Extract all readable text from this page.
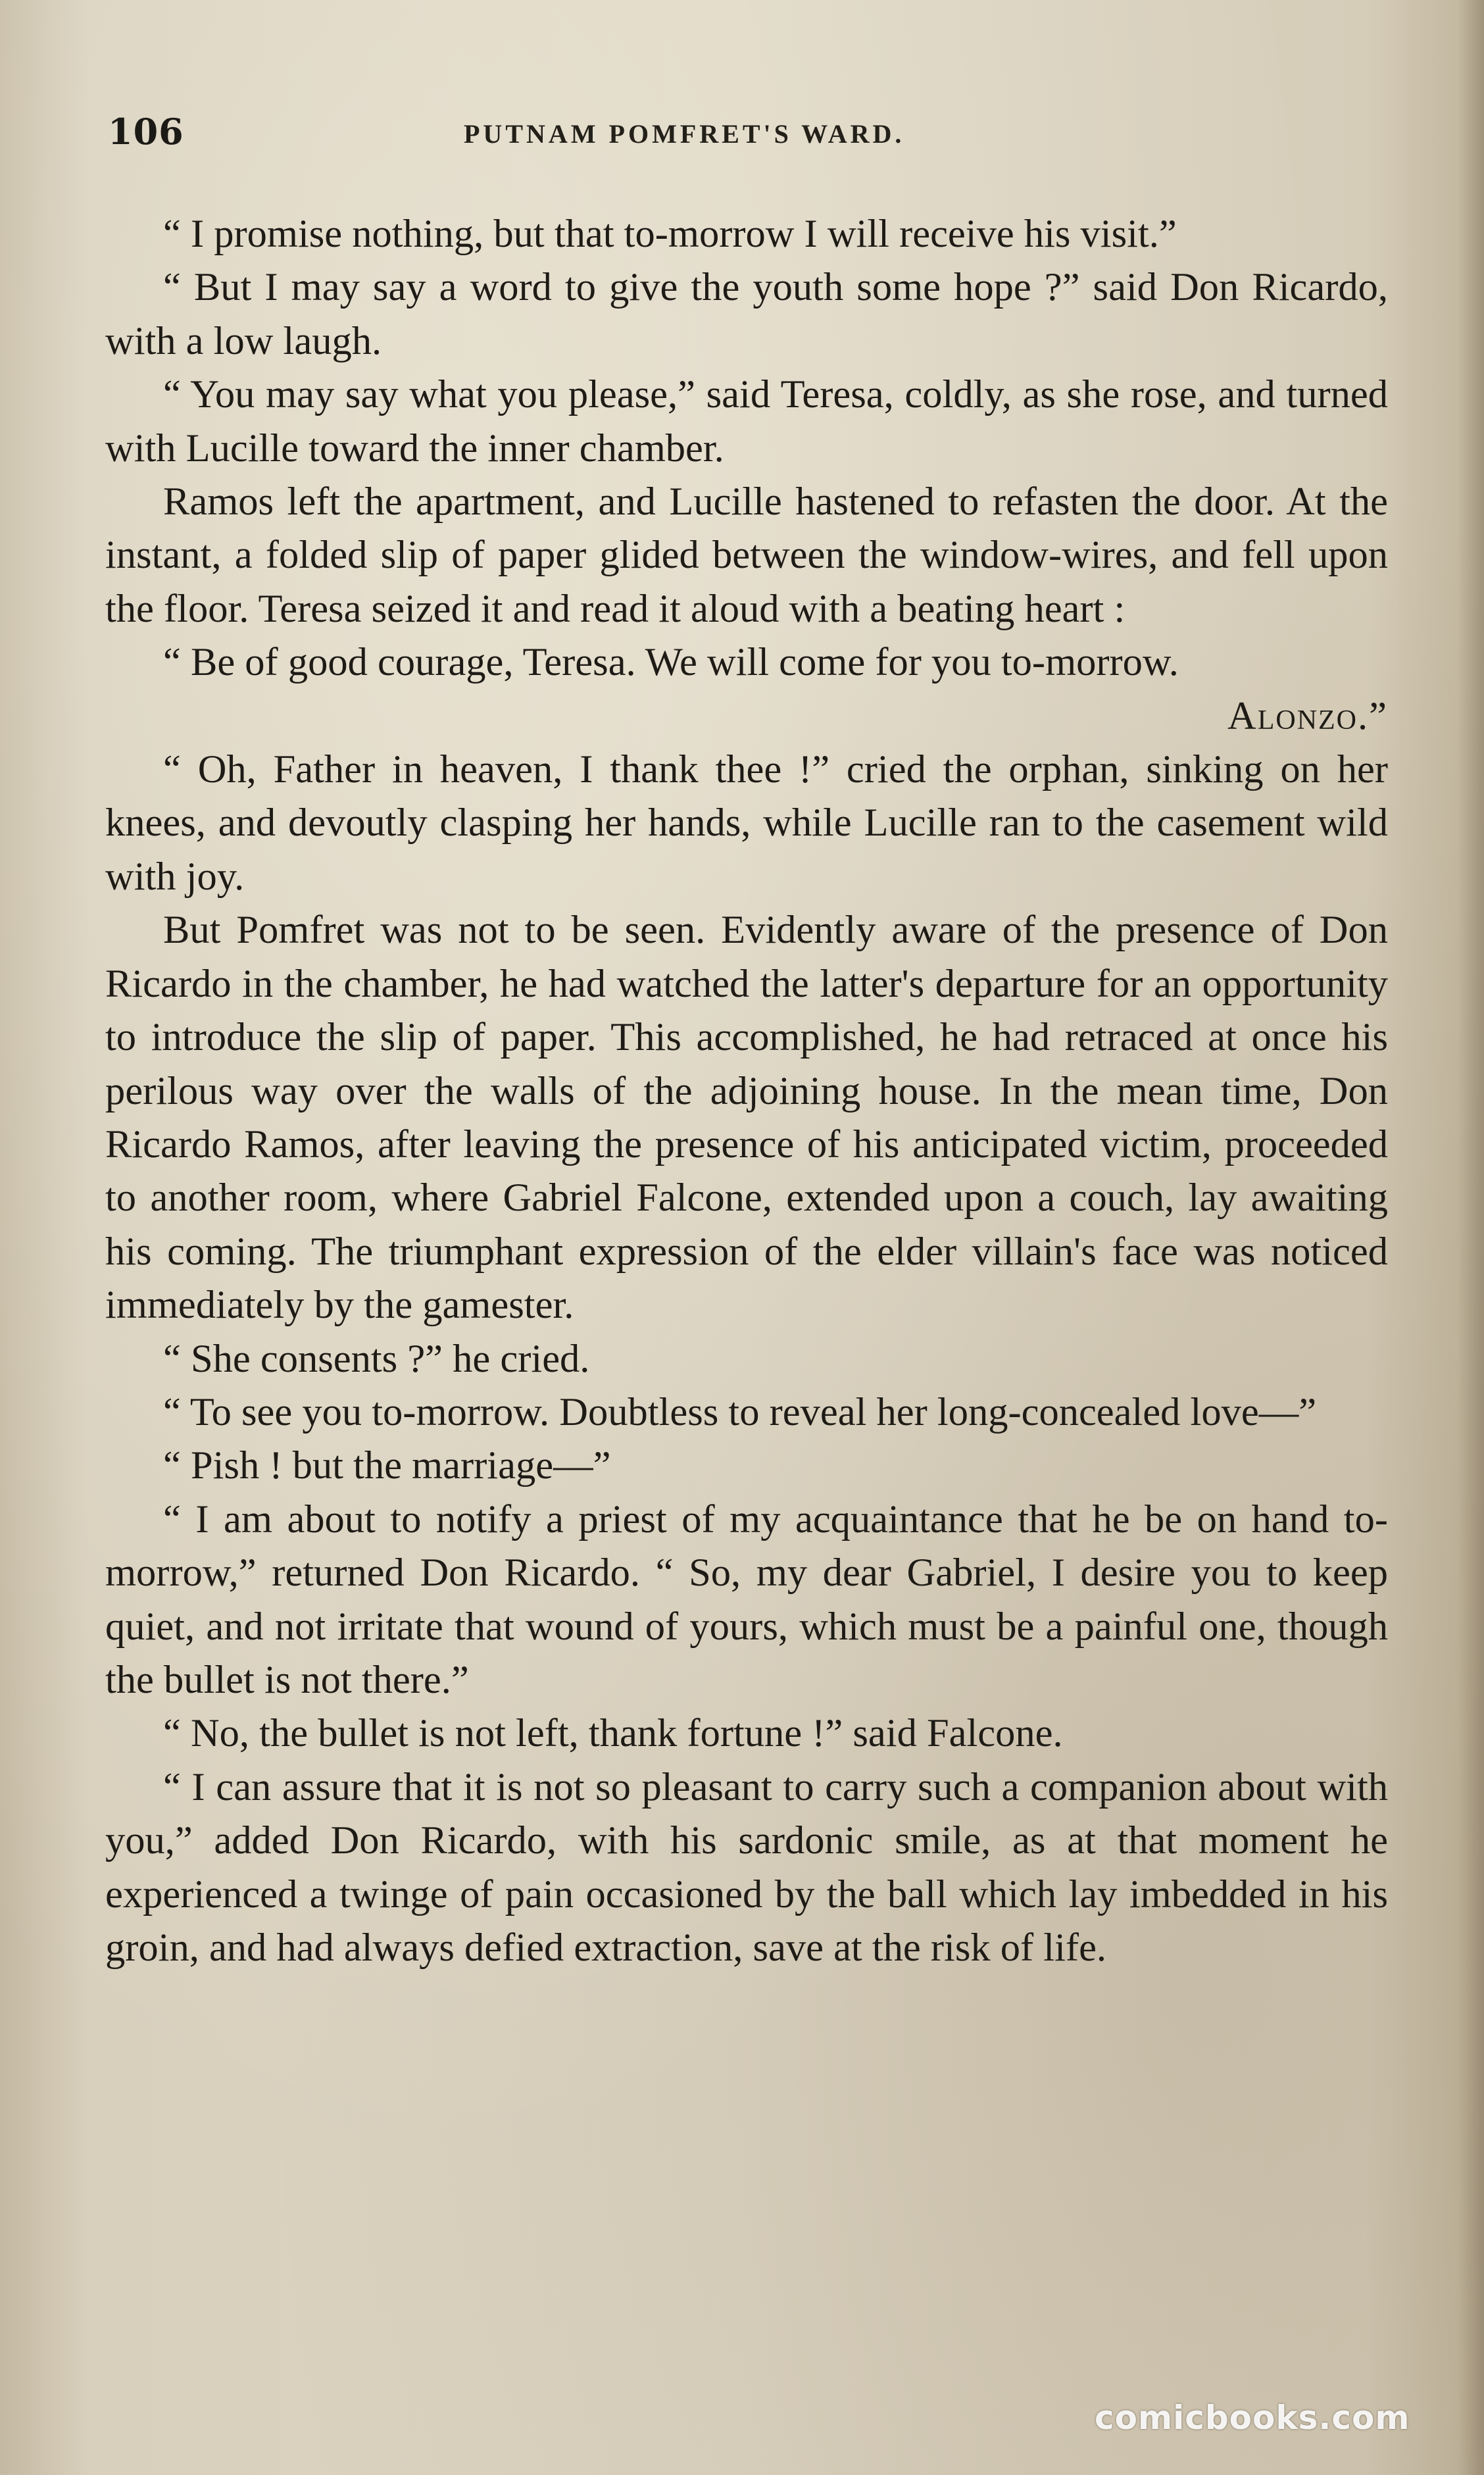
106	PUTNAM POMFRET'S WARD.

“ I promise nothing, but that to-morrow I will receive his visit.”

“ But I may say a word to give the youth some hope ?” said Don Ricardo, with a low laugh.

“ You may say what you please,” said Teresa, coldly, as she rose, and turned with Lucille toward the inner chamber.

Ramos left the apartment, and Lucille hastened to refasten the door. At the instant, a folded slip of paper glided between the window-wires, and fell upon the floor. Teresa seized it and read it aloud with a beating heart :

“ Be of good courage, Teresa. We will come for you to-morrow.
Alonzo.”

“ Oh, Father in heaven, I thank thee !” cried the orphan, sinking on her knees, and devoutly clasping her hands, while Lucille ran to the casement wild with joy.

But Pomfret was not to be seen. Evidently aware of the presence of Don Ricardo in the chamber, he had watched the latter's departure for an opportunity to introduce the slip of paper. This accomplished, he had retraced at once his perilous way over the walls of the adjoining house. In the mean time, Don Ricardo Ramos, after leaving the presence of his anticipated victim, proceeded to another room, where Gabriel Falcone, extended upon a couch, lay awaiting his coming. The triumphant expression of the elder villain's face was noticed immediately by the gamester.

“ She consents ?” he cried.

“ To see you to-morrow. Doubtless to reveal her long-concealed love—”

“ Pish ! but the marriage—”

“ I am about to notify a priest of my acquaintance that he be on hand to-morrow,” returned Don Ricardo. “ So, my dear Gabriel, I desire you to keep quiet, and not irritate that wound of yours, which must be a painful one, though the bullet is not there.”

“ No, the bullet is not left, thank fortune !” said Falcone.

“ I can assure that it is not so pleasant to carry such a companion about with you,” added Don Ricardo, with his sardonic smile, as at that moment he experienced a twinge of pain occasioned by the ball which lay imbedded in his groin, and had always defied extraction, save at the risk of life.

comicbooks.com
